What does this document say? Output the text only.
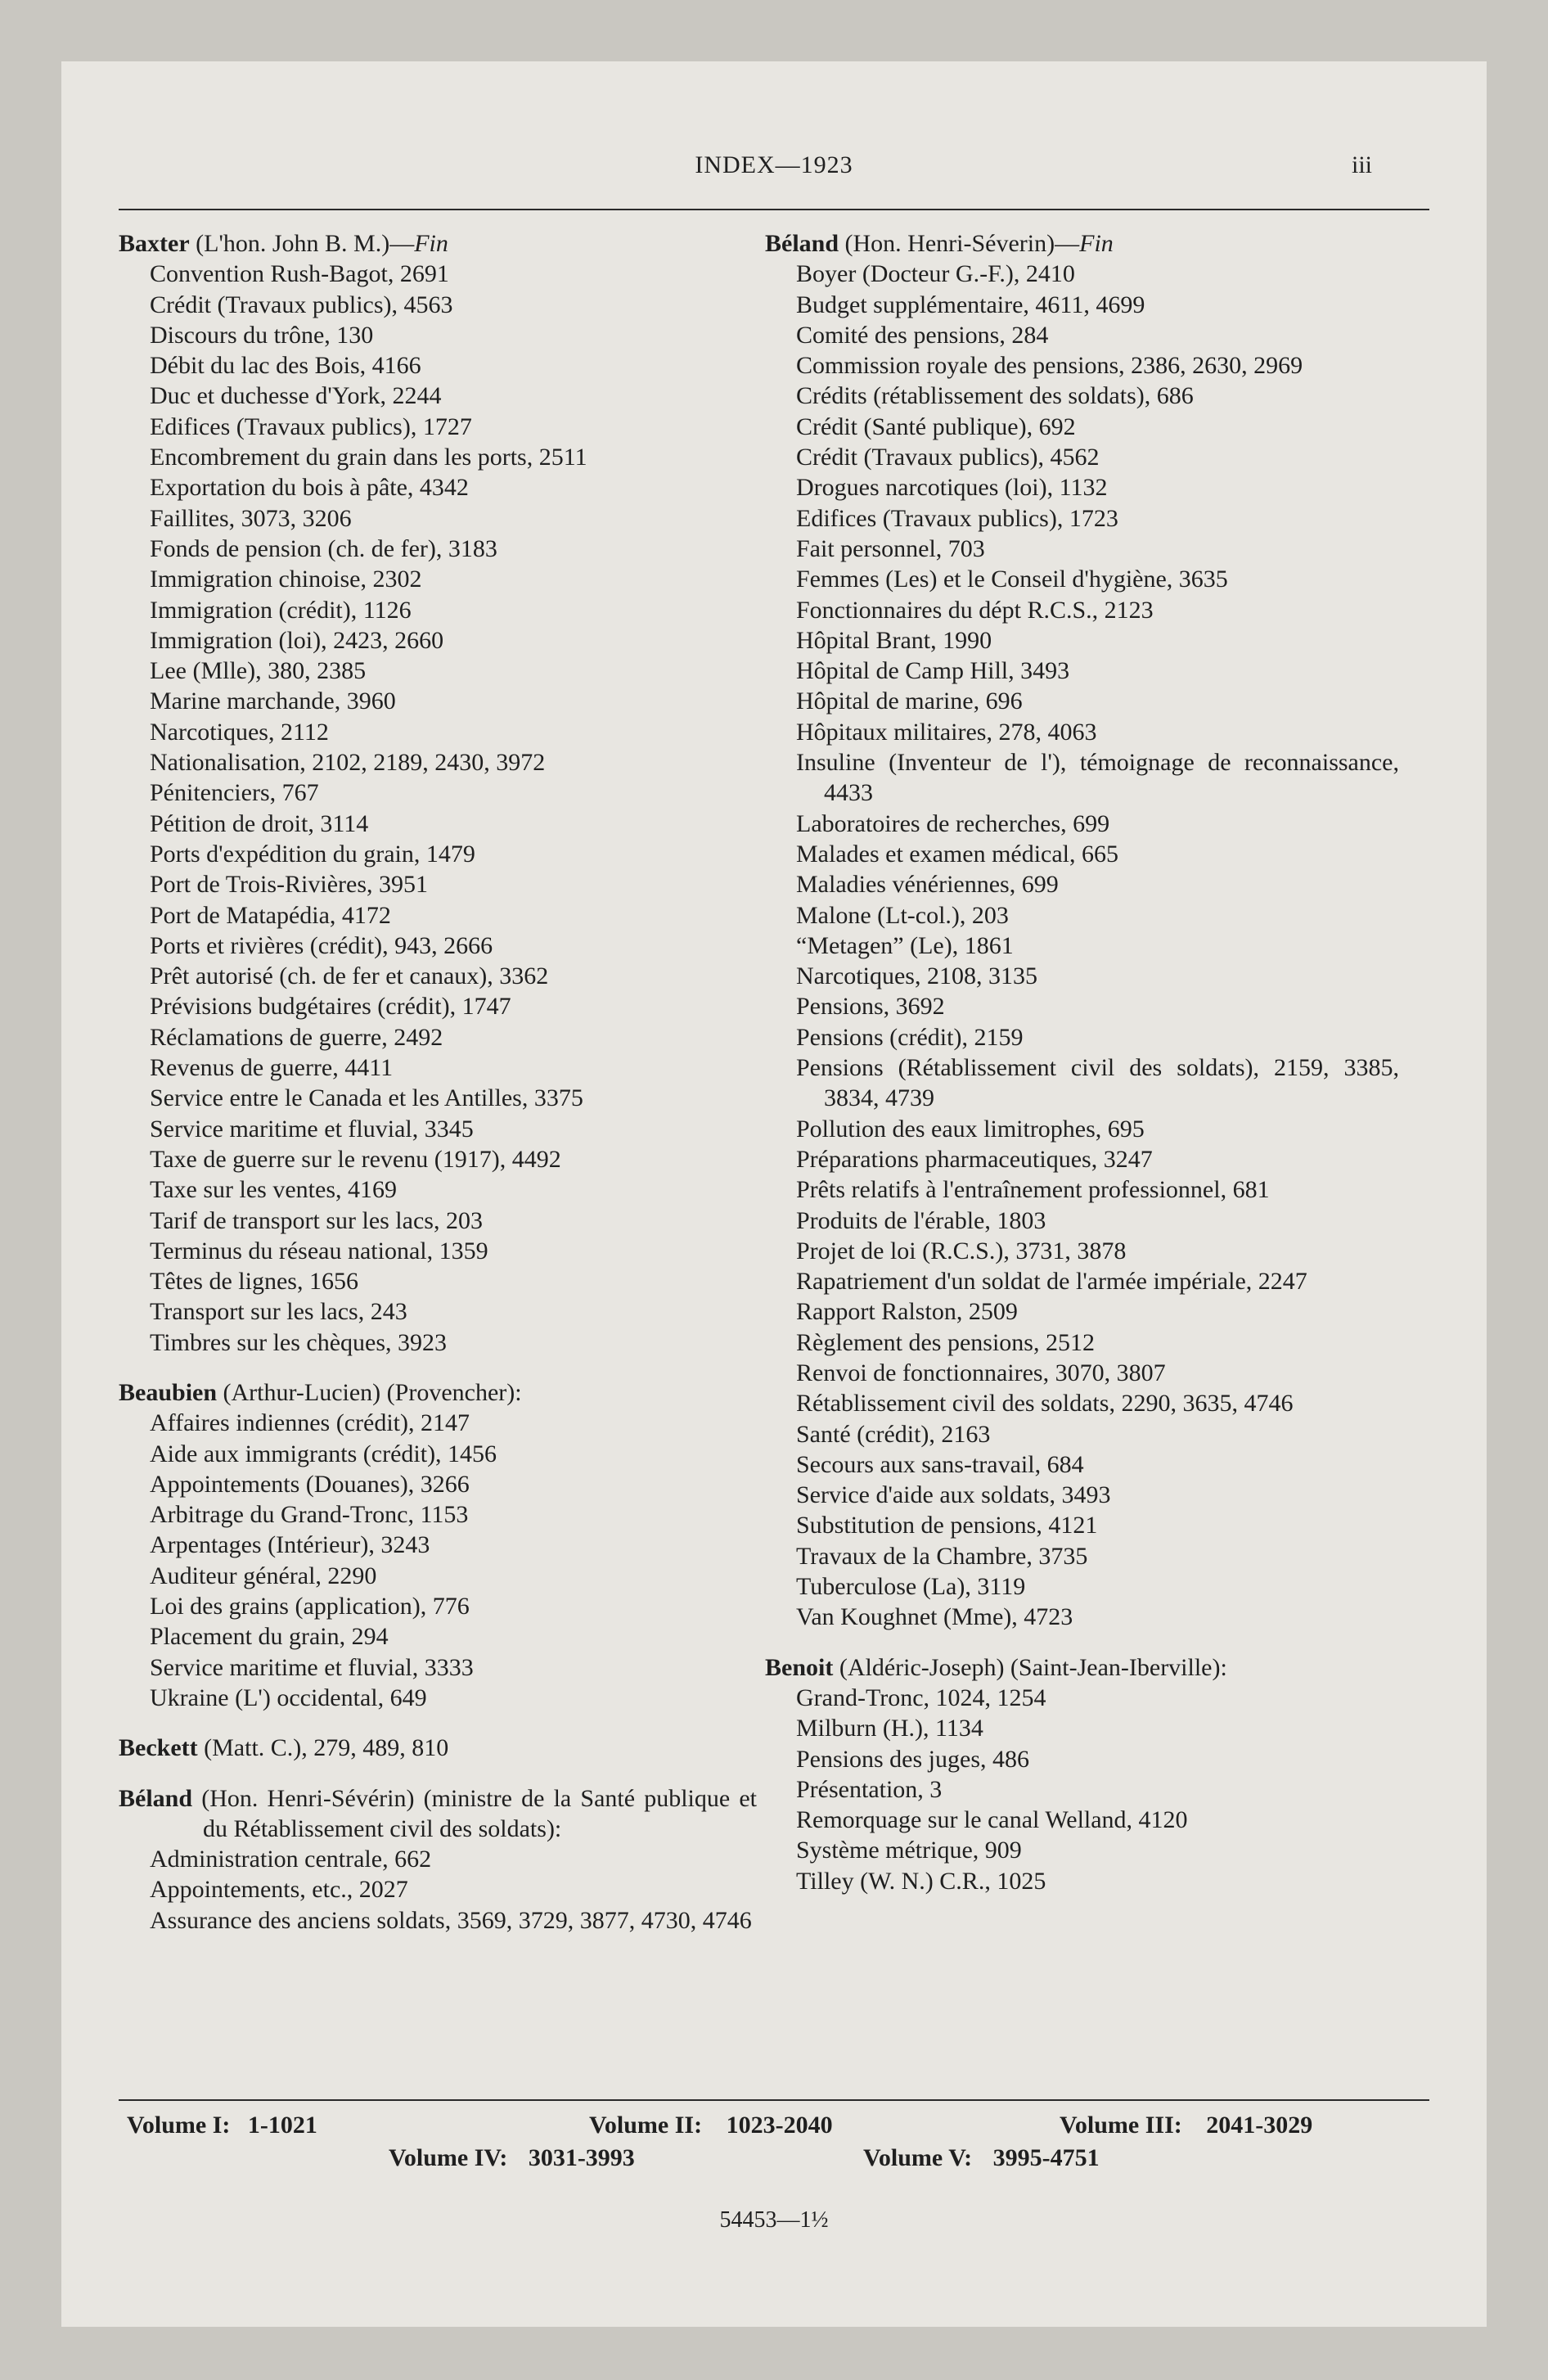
INDEX—1923	iii
Baxter (L'hon. John B. M.)—Fin
Convention Rush-Bagot, 2691
Crédit (Travaux publics), 4563
Discours du trône, 130
Débit du lac des Bois, 4166
Duc et duchesse d'York, 2244
Edifices (Travaux publics), 1727
Encombrement du grain dans les ports, 2511
Exportation du bois à pâte, 4342
Faillites, 3073, 3206
Fonds de pension (ch. de fer), 3183
Immigration chinoise, 2302
Immigration (crédit), 1126
Immigration (loi), 2423, 2660
Lee (Mlle), 380, 2385
Marine marchande, 3960
Narcotiques, 2112
Nationalisation, 2102, 2189, 2430, 3972
Pénitenciers, 767
Pétition de droit, 3114
Ports d'expédition du grain, 1479
Port de Trois-Rivières, 3951
Port de Matapédia, 4172
Ports et rivières (crédit), 943, 2666
Prêt autorisé (ch. de fer et canaux), 3362
Prévisions budgétaires (crédit), 1747
Réclamations de guerre, 2492
Revenus de guerre, 4411
Service entre le Canada et les Antilles, 3375
Service maritime et fluvial, 3345
Taxe de guerre sur le revenu (1917), 4492
Taxe sur les ventes, 4169
Tarif de transport sur les lacs, 203
Terminus du réseau national, 1359
Têtes de lignes, 1656
Transport sur les lacs, 243
Timbres sur les chèques, 3923
Beaubien (Arthur-Lucien) (Provencher):
Affaires indiennes (crédit), 2147
Aide aux immigrants (crédit), 1456
Appointements (Douanes), 3266
Arbitrage du Grand-Tronc, 1153
Arpentages (Intérieur), 3243
Auditeur général, 2290
Loi des grains (application), 776
Placement du grain, 294
Service maritime et fluvial, 3333
Ukraine (L') occidental, 649
Beckett (Matt. C.), 279, 489, 810
Béland (Hon. Henri-Sévérin) (ministre de la Santé publique et du Rétablissement civil des soldats):
Administration centrale, 662
Appointements, etc., 2027
Assurance des anciens soldats, 3569, 3729, 3877, 4730, 4746
Béland (Hon. Henri-Séverin)—Fin
Boyer (Docteur G.-F.), 2410
Budget supplémentaire, 4611, 4699
Comité des pensions, 284
Commission royale des pensions, 2386, 2630, 2969
Crédits (rétablissement des soldats), 686
Crédit (Santé publique), 692
Crédit (Travaux publics), 4562
Drogues narcotiques (loi), 1132
Edifices (Travaux publics), 1723
Fait personnel, 703
Femmes (Les) et le Conseil d'hygiène, 3635
Fonctionnaires du dépt R.C.S., 2123
Hôpital Brant, 1990
Hôpital de Camp Hill, 3493
Hôpital de marine, 696
Hôpitaux militaires, 278, 4063
Insuline (Inventeur de l'), témoignage de reconnaissance, 4433
Laboratoires de recherches, 699
Malades et examen médical, 665
Maladies vénériennes, 699
Malone (Lt-col.), 203
“Metagen” (Le), 1861
Narcotiques, 2108, 3135
Pensions, 3692
Pensions (crédit), 2159
Pensions (Rétablissement civil des soldats), 2159, 3385, 3834, 4739
Pollution des eaux limitrophes, 695
Préparations pharmaceutiques, 3247
Prêts relatifs à l'entraînement professionnel, 681
Produits de l'érable, 1803
Projet de loi (R.C.S.), 3731, 3878
Rapatriement d'un soldat de l'armée impériale, 2247
Rapport Ralston, 2509
Règlement des pensions, 2512
Renvoi de fonctionnaires, 3070, 3807
Rétablissement civil des soldats, 2290, 3635, 4746
Santé (crédit), 2163
Secours aux sans-travail, 684
Service d'aide aux soldats, 3493
Substitution de pensions, 4121
Travaux de la Chambre, 3735
Tuberculose (La), 3119
Van Koughnet (Mme), 4723
Benoit (Aldéric-Joseph) (Saint-Jean-Iberville):
Grand-Tronc, 1024, 1254
Milburn (H.), 1134
Pensions des juges, 486
Présentation, 3
Remorquage sur le canal Welland, 4120
Système métrique, 909
Tilley (W. N.) C.R., 1025
Volume I: 1-1021	Volume II: 1023-2040	Volume III: 2041-3029
Volume IV: 3031-3993	Volume V: 3995-4751
54453—1½
